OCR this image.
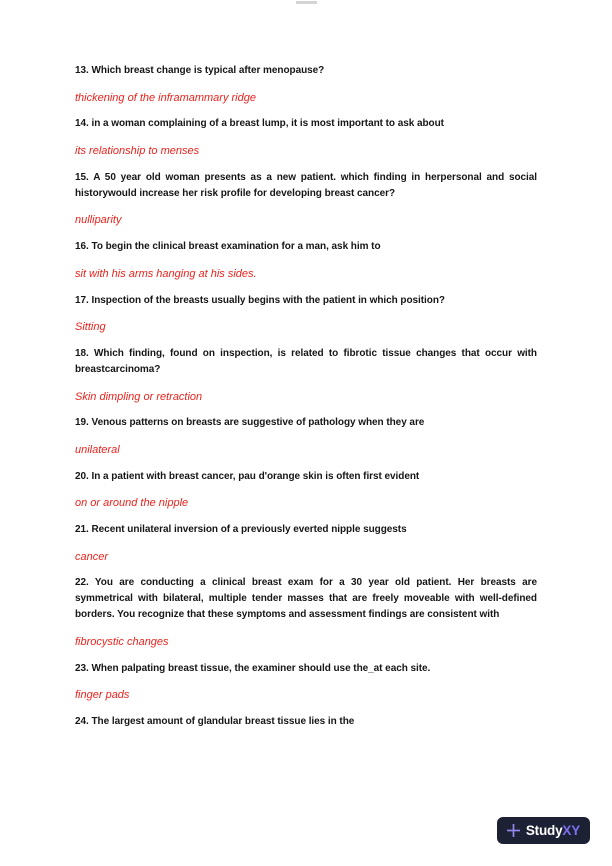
13. Which breast change is typical after menopause?

thickening of the inframammary ridge

14. in a woman complaining of a breast lump, it is most important to ask about

its relationship to menses

15. A 50 year old woman presents as a new patient. which finding in herpersonal and social historywould increase her risk profile for developing breast cancer?

nulliparity

16. To begin the clinical breast examination for a man, ask him to

sit with his arms hanging at his sides.

17. Inspection of the breasts usually begins with the patient in which position?

Sitting

18. Which finding, found on inspection, is related to fibrotic tissue changes that occur with breastcarcinoma?

Skin dimpling or retraction

19. Venous patterns on breasts are suggestive of pathology when they are

unilateral

20. In a patient with breast cancer, pau d'orange skin is often first evident

on or around the nipple

21. Recent unilateral inversion of a previously everted nipple suggests

cancer

22. You are conducting a clinical breast exam for a 30 year old patient. Her breasts are symmetrical with bilateral, multiple tender masses that are freely moveable with well-defined borders. You recognize that these symptoms and assessment findings are consistent with

fibrocystic changes

23. When palpating breast tissue, the examiner should use the_at each site.

finger pads

24. The largest amount of glandular breast tissue lies in the

StudyXY
